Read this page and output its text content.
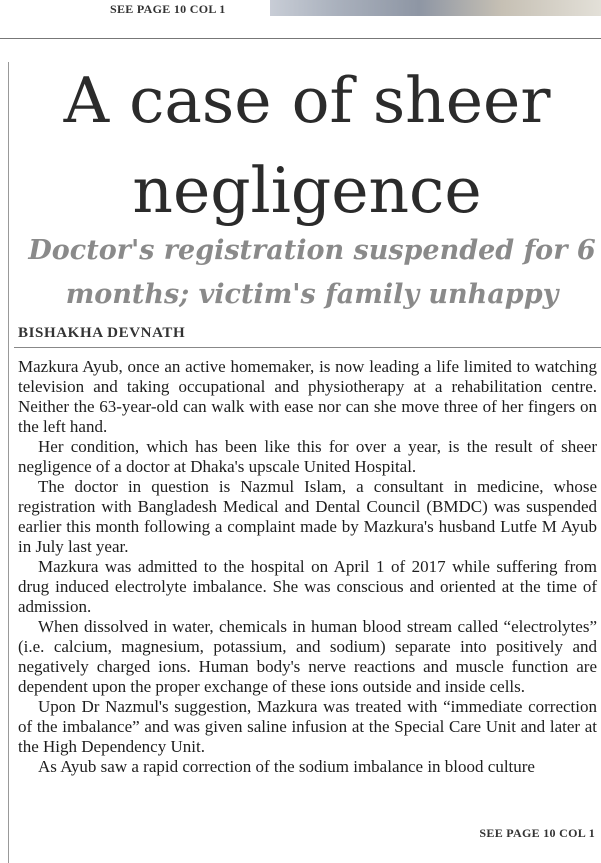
SEE PAGE 10 COL 1
A case of sheer negligence
Doctor's registration suspended for 6 months; victim's family unhappy
BISHAKHA DEVNATH

Mazkura Ayub, once an active homemaker, is now leading a life limited to watching television and taking occupational and physiotherapy at a rehabilitation centre. Neither the 63-year-old can walk with ease nor can she move three of her fingers on the left hand.

Her condition, which has been like this for over a year, is the result of sheer negligence of a doctor at Dhaka's upscale United Hospital.

The doctor in question is Nazmul Islam, a consultant in medicine, whose registration with Bangladesh Medical and Dental Council (BMDC) was suspended earlier this month following a complaint made by Mazkura's husband Lutfe M Ayub in July last year.

Mazkura was admitted to the hospital on April 1 of 2017 while suffering from drug induced electrolyte imbalance. She was conscious and oriented at the time of admission.

When dissolved in water, chemicals in human blood stream called “electrolytes” (i.e. calcium, magnesium, potassium, and sodium) separate into positively and negatively charged ions. Human body's nerve reactions and muscle function are dependent upon the proper exchange of these ions outside and inside cells.

Upon Dr Nazmul's suggestion, Mazkura was treated with “immediate correction of the imbalance” and was given saline infusion at the Special Care Unit and later at the High Dependency Unit.

As Ayub saw a rapid correction of the sodium imbalance in blood culture

SEE PAGE 10 COL 1
